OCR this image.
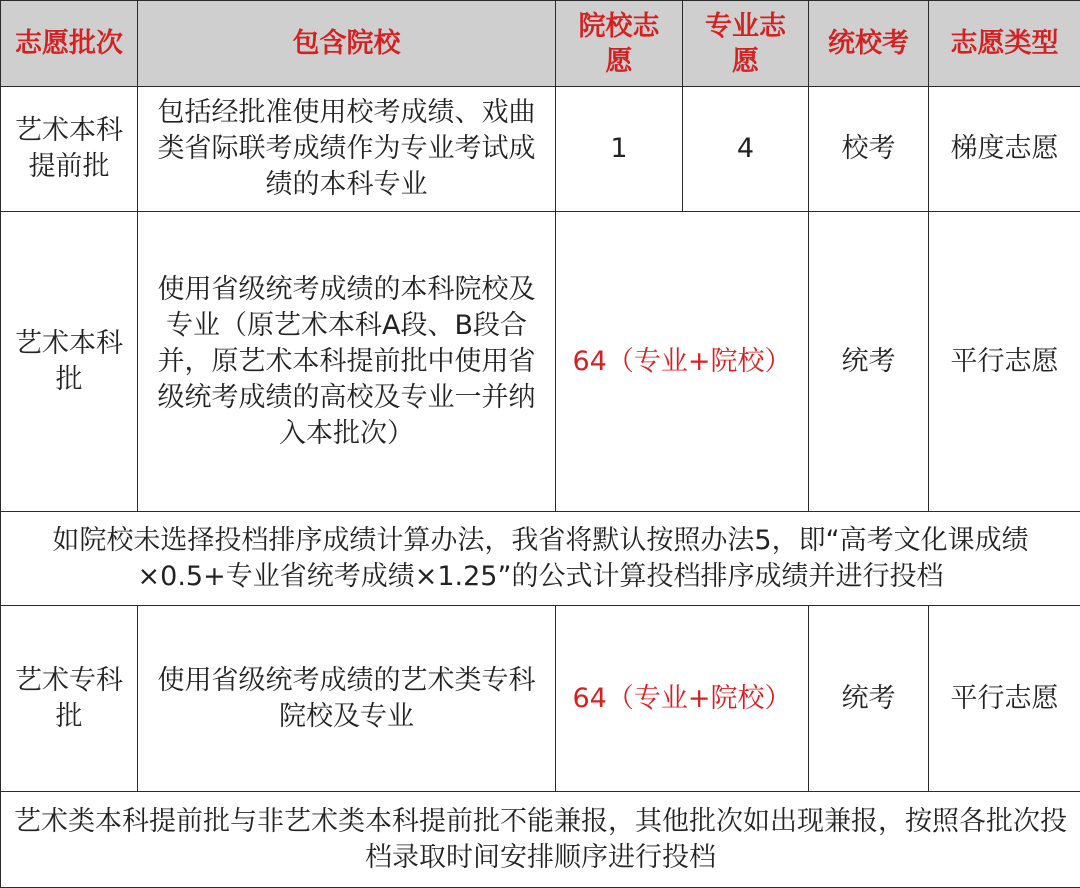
志愿批次	包含院校	院校志愿	专业志愿	统校考	志愿类型
艺术本科提前批	包括经批准使用校考成绩、戏曲类省际联考成绩作为专业考试成绩的本科专业	1	4	校考	梯度志愿
艺术本科批	使用省级统考成绩的本科院校及专业（原艺术本科A段、B段合并，原艺术本科提前批中使用省级统考成绩的高校及专业一并纳入本批次）	64（专业+院校）		统考	平行志愿
如院校未选择投档排序成绩计算办法，我省将默认按照办法5，即“高考文化课成绩×0.5+专业省统考成绩×1.25”的公式计算投档排序成绩并进行投档					
艺术专科批	使用省级统考成绩的艺术类专科院校及专业	64（专业+院校）		统考	平行志愿
艺术类本科提前批与非艺术类本科提前批不能兼报，其他批次如出现兼报，按照各批次投档录取时间安排顺序进行投档					
